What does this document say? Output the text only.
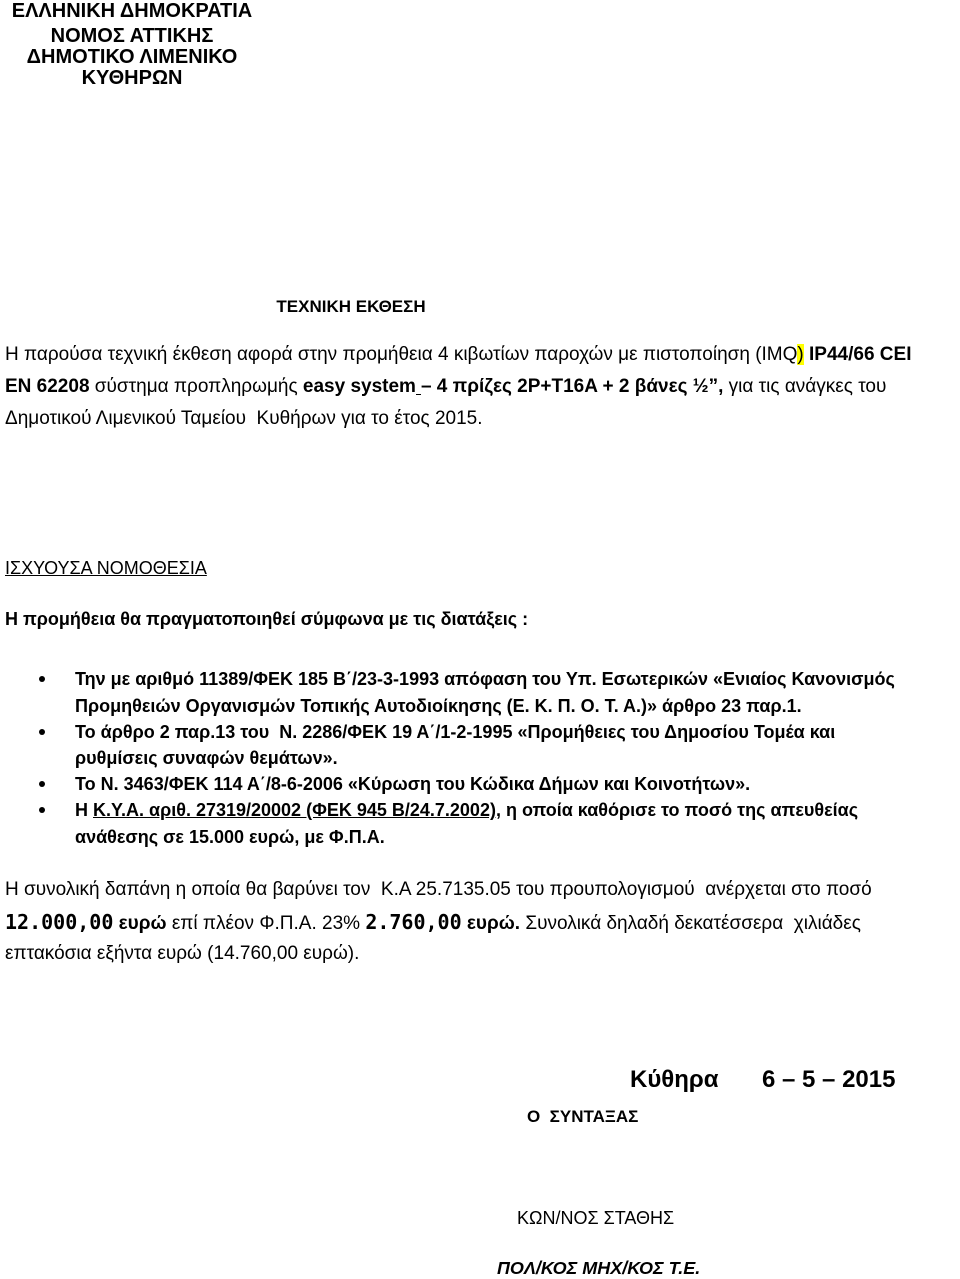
ΕΛΛΗΝΙΚΗ ΔΗΜΟΚΡΑΤΙΑ
ΝΟΜΟΣ ΑΤΤΙΚΗΣ
ΔΗΜΟΤΙΚΟ ΛΙΜΕΝΙΚΟ
ΚΥΘΗΡΩΝ
ΤΕΧΝΙΚΗ ΕΚΘΕΣΗ
Η παρούσα τεχνική έκθεση αφορά στην προμήθεια 4 κιβωτίων παροχών με πιστοποίηση (IMQ) IP44/66 CEI
EN 62208 σύστημα προπληρωμής easy system – 4 πρίζες 2P+T16A + 2 βάνες ½”, για τις ανάγκες του
Δημοτικού Λιμενικού Ταμείου  Κυθήρων για το έτος 2015.
ΙΣΧΥΟΥΣΑ ΝΟΜΟΘΕΣΙΑ
Η προμήθεια θα πραγματοποιηθεί σύμφωνα με τις διατάξεις :
Την με αριθμό 11389/ΦΕΚ 185 Β΄/23-3-1993 απόφαση του Υπ. Εσωτερικών «Ενιαίος Κανονισμός
Προμηθειών Οργανισμών Τοπικής Αυτοδιοίκησης (Ε. Κ. Π. Ο. Τ. Α.)» άρθρο 23 παρ.1.
Το άρθρο 2 παρ.13 του  Ν. 2286/ΦΕΚ 19 Α΄/1-2-1995 «Προμήθειες του Δημοσίου Τομέα και
ρυθμίσεις συναφών θεμάτων».
Το Ν. 3463/ΦΕΚ 114 Α΄/8-6-2006 «Κύρωση του Κώδικα Δήμων και Κοινοτήτων».
Η Κ.Υ.Α. αριθ. 27319/20002 (ΦΕΚ 945 Β/24.7.2002), η οποία καθόρισε το ποσό της απευθείας
ανάθεσης σε 15.000 ευρώ, με Φ.Π.Α.
Η συνολική δαπάνη η οποία θα βαρύνει τον  Κ.Α 25.7135.05 του προυπολογισμού  ανέρχεται στο ποσό
12.000,00 ευρώ επί πλέον Φ.Π.Α. 23% 2.760,00 ευρώ. Συνολικά δηλαδή δεκατέσσερα  χιλιάδες
επτακόσια εξήντα ευρώ (14.760,00 ευρώ).
Κύθηρα 6 – 5 – 2015
Ο  ΣΥΝΤΑΞΑΣ
ΚΩΝ/ΝΟΣ ΣΤΑΘΗΣ
ΠΟΛ/ΚΟΣ ΜΗΧ/ΚΟΣ Τ.Ε.
